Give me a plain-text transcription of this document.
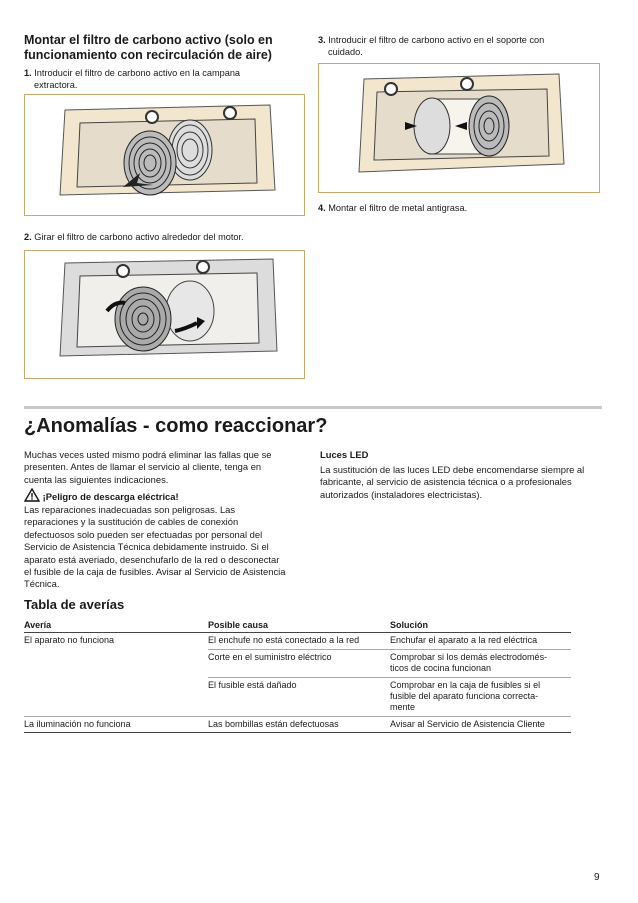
Montar el filtro de carbono activo (solo en
funcionamiento con recirculación de aire)
1. Introducir el filtro de carbono activo en la campana
extractora.
2. Girar el filtro de carbono activo alrededor del motor.
3. Introducir el filtro de carbono activo en el soporte con
cuidado.
4. Montar el filtro de metal antigrasa.
¿Anomalías - como reaccionar?
Muchas veces usted mismo podrá eliminar las fallas que se
presenten. Antes de llamar el servicio al cliente, tenga en
cuenta las siguientes indicaciones.
¡Peligro de descarga eléctrica!
Las reparaciones inadecuadas son peligrosas. Las
reparaciones y la sustitución de cables de conexión
defectuosos solo pueden ser efectuadas por personal del
Servicio de Asistencia Técnica debidamente instruido. Si el
aparato está averiado, desenchufarlo de la red o desconectar
el fusible de la caja de fusibles. Avisar al Servicio de Asistencia
Técnica.
Luces LED
La sustitución de las luces LED debe encomendarse siempre al
fabricante, al servicio de asistencia técnica o a profesionales
autorizados (instaladores electricistas).
Tabla de averías
Avería	Posible causa	Solución
El aparato no funciona	El enchufe no está conectado a la red	Enchufar el aparato a la red eléctrica
	Corte en el suministro eléctrico	Comprobar si los demás electrodomés-
ticos de cocina funcionan
	El fusible está dañado	Comprobar en la caja de fusibles si el
fusible del aparato funciona correcta-
mente
La iluminación no funciona	Las bombillas están defectuosas	Avisar al Servicio de Asistencia Cliente
9
